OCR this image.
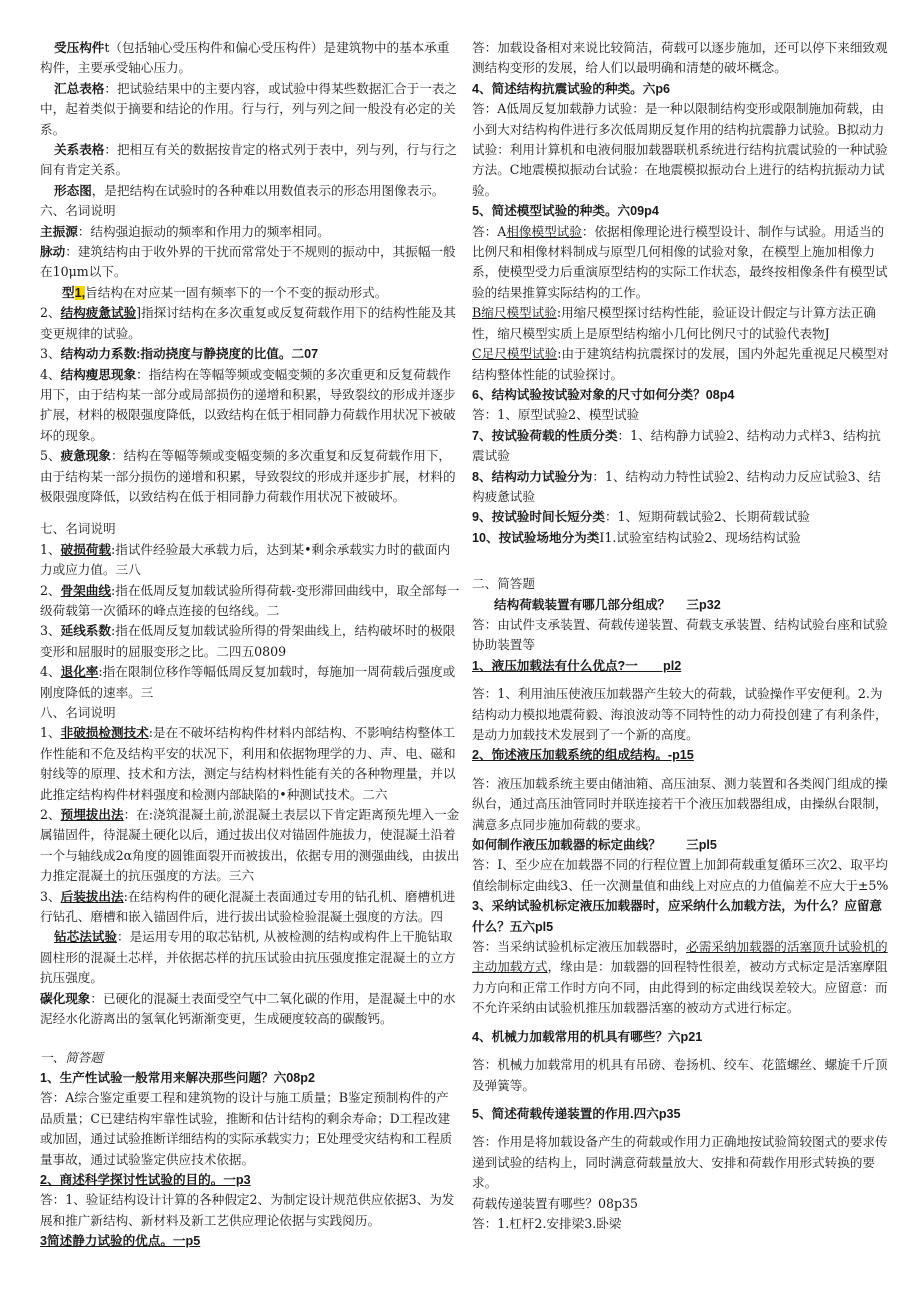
受压构件t（包括轴心受压构件和偏心受压构件）是建筑物中的基本承重构件，主要承受轴心压力。

汇总表格：把试验结果中的主要内容，或试验中得某些数据汇合于一表之中，起着类似于摘要和结论的作用。行与行，列与列之间一般没有必定的关系。

关系表格：把相互有关的数据按肯定的格式列于表中，列与列，行与行之间有肯定关系。

形态图，是把结构在试验时的各种难以用数值表示的形态用图像表示。

六、名词说明

主振源：结构强迫振动的频率和作用力的频率相同。

脉动：建筑结构由于收外界的干扰而常常处于不规则的振动中，其振幅一般在10μm以下。

型1,旨结构在对应某一固有频率下的一个不变的振动形式。

2、结构疲惫试验]指探讨结构在多次重复或反复荷载作用下的结构性能及其变更规律的试验。

3、结构动力系数:指动挠度与静挠度的比值。二07

4、结构瘦思现象：指结构在等幅等频或变幅变频的多次重更和反复荷载作用下，由于结构某一部分或局部损伤的递增和积累，导致裂纹的形成并逐步扩展，材料的极限强度降低，以致结构在低于相同静力荷载作用状况下被破坏的现象。

5、疲惫现象：结构在等幅等频或变幅变频的多次重复和反复荷载作用下，由于结构某一部分损伤的递增和积累，导致裂纹的形成并逐步扩展，材料的极限强度降低，以致结构在低于相同静力荷载作用状况下被破坏。

七、名词说明

1、破损荷载:指试件经验最大承载力后，达到某•剩余承载实力时的截面内力或应力值。三八

2、骨架曲线:指在低周反复加载试验所得荷载-变形滞回曲线中，取全部每一级荷载第一次循环的峰点连接的包络线。二

3、延线系数:指在低周反复加载试验所得的骨架曲线上，结构破坏时的极限变形和屈服时的屈服变形之比。二四五0809

4、退化率:指在限制位移作等幅低周反复加载时，每施加一周荷载后强度或刚度降低的速率。三

八、名词说明

1、非破损检测技术:是在不破坏结构构件材料内部结构、不影响结构整体工作性能和不危及结构平安的状况下，利用和依据物理学的力、声、电、磁和射线等的原理、技术和方法，测定与结构材料性能有关的各种物理量，并以此推定结构构件材料强度和检测内部缺陷的•种测试技术。二六

2、预埋拔出法：在:浇筑混凝土前,淤混凝土表层以下肯定距离预先埋入一金属锚固件，待混凝土硬化以后，通过拔出仪对锚固件施拔力，使混凝土沿着一个与轴线成2α角度的圆锥面裂开而被拔出，依据专用的测强曲线，由拔出力推定混凝土的抗压强度的方法。三六

3、后装拔出法:在结构构件的硬化混凝土表面通过专用的钻孔机、磨槽机进行钻孔、磨槽和嵌入锚固件后，进行拔出试验检验混凝土强度的方法。四

钻芯法试验：是运用专用的取芯钻机, 从被检测的结构或构件上干脆钻取圆柱形的混凝土芯样，并依据芯样的抗压试验由抗压强度推定混凝土的立方抗压强度。

碳化现象：已硬化的混凝土表面受空气中二氧化碳的作用，是混凝土中的水泥经水化游离出的氢氧化钙渐渐变更，生成硬度较高的碳酸钙。

一、简答题

1、生产性试验一般常用来解决那些问题？六08p2

答：A综合鉴定重要工程和建筑物的设计与施工质量；B鉴定预制构件的产品质量；C已建结构牢靠性试验，推断和估计结构的剩余寿命；D工程改建或加固，通过试验推断详细结构的实际承载实力；E处理受灾结构和工程质量事故，通过试验鉴定供应技术依据。

2、商述科学探讨性试验的目的。一p3

答：1、验证结构设计计算的各种假定2、为制定设计规范供应依据3、为发展和推广新结构、新材料及新工艺供应理论依据与实践阅历。

3简述静力试验的优点。一p5

答：加载设备相对来说比较简洁，荷载可以逐步施加，还可以停下来细致观测结构变形的发展，给人们以最明确和清楚的破坏概念。

4、简述结构抗震试验的种类。六p6

答：A低周反复加载静力试验：是一种以限制结构变形或限制施加荷载，由小到大对结构构件进行多次低周期反复作用的结构抗震静力试验。B拟动力试验：利用计算机和电液伺服加载器联机系统进行结构抗震试验的一种试验方法。C地震模拟振动台试验：在地震模拟振动台上进行的结构抗振动力试验。

5、简述模型试验的种类。六09p4

答：A相像模型试验：依据相像理论进行模型设计、制作与试验。用适当的比例尺和相像材料制成与原型几何相像的试验对象，在模型上施加相像力系，使模型受力后重演原型结构的实际工作状态，最终按相像条件有模型试验的结果推算实际结构的工作。

B缩尺模型试验:用缩尺模型探讨结构性能，验证设计假定与计算方法正确性，缩尺模型实质上是原型结构缩小几何比例尺寸的试验代表物J

C足尺模型试验:由于建筑结构抗震探讨的发展，国内外起先重视足尺模型对结构整体性能的试验探讨。

6、结构试验按试验对象的尺寸如何分类？08p4

答：1、原型试验2、模型试验

7、按试验荷载的性质分类：1、结构静力试验2、结构动力式样3、结构抗震试验

8、结构动力试验分为：1、结构动力特性试验2、结构动力反应试验3、结构疲惫试验

9、按试验时间长短分类：1、短期荷载试验2、长期荷载试验

10、按试验场地分为类I1.试验室结构试验2、现场结构试验

二、简答题

结构荷载装置有哪几部分组成？　 三p32

答：由试件支承装置、荷载传递装置、荷载支承装置、结构试验台座和试验协助装置等

1、液压加载法有什么优点?一　　pl2

答：1、利用油压使液压加载器产生较大的荷载，试验操作平安便利。2.为结构动力模拟地震荷毅、海浪波动等不同特性的动力荷投创建了有利条件，是动力加载技术发展到了一个新的高度。

2、饰述液压加载系统的组成结构。-p15

答：液压加载系统主要由储油箱、高压油泵、测力装置和各类阀门组成的操纵台，通过高压油管同时并联连接若干个液压加载器组成，由操纵台限制，满意多点同步施加荷载的要求。

如何制作液压加载器的标定曲线？　　三pl5

答：I、至少应在加载器不同的行程位置上加卸荷载重复循环三次2、取平均值绘制标定曲线3、任一次测量值和曲线上对应点的力值偏差不应大于±5%

3、采纳试验机标定液压加载器时，应采纳什么加载方法，为什么？应留意什么？五六pl5

答：当采纳试验机标定液压加载器时，必需采纳加载器的活塞顶升试验机的主动加载方式，缘由是：加载器的回程特性很差，被动方式标定是活塞摩阻力方向和正常工作时方向不同，由此得到的标定曲线误差较大。应留意：而不允许采纳由试验机推压加载器活塞的被动方式进行标定。

4、机械力加载常用的机具有哪些？六p21

答：机械力加载常用的机具有吊磅、卷扬机、绞车、花篮螺丝、螺旋千斤顶及弹簧等。

5、简述荷载传递装置的作用.四六p35

答：作用是将加载设备产生的荷载或作用力正确地按试验简较图式的要求传递到试验的结构上，同时满意荷载量放大、安排和荷载作用形式转换的要求。

荷载传递装置有哪些？08p35

答：1.杠杆2.安排梁3.卧梁
